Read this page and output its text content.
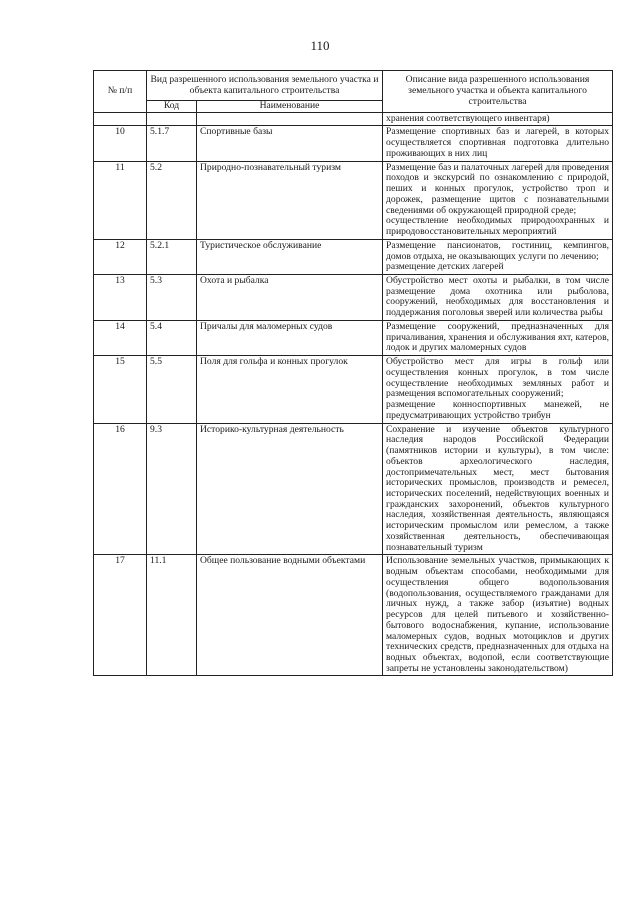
110
№ п/п	Вид разрешенного использования земельного участка и объекта капитального строительства		Описание вида разрешенного использования земельного участка и объекта капитального строительства
	Код	Наименование	
			хранения соответствующего инвентаря)
10	5.1.7	Спортивные базы	Размещение спортивных баз и лагерей, в которых осуществляется спортивная подготовка длительно проживающих в них лиц

11	5.2	Природно-познавательный туризм	Размещение баз и палаточных лагерей для проведения походов и экскурсий по ознакомлению с природой, пеших и конных прогулок, устройство троп и дорожек, размещение щитов с познавательными сведениями об окружающей природной среде;
осуществление необходимых природоохранных и природовосстановительных мероприятий

12	5.2.1	Туристическое обслуживание	Размещение пансионатов, гостиниц, кемпингов, домов отдыха, не оказывающих услуги по лечению;
размещение детских лагерей

13	5.3	Охота и рыбалка	Обустройство мест охоты и рыбалки, в том числе размещение дома охотника или рыболова, сооружений, необходимых для восстановления и поддержания поголовья зверей или количества рыбы

14	5.4	Причалы для маломерных судов	Размещение сооружений, предназначенных для причаливания, хранения и обслуживания яхт, катеров, лодок и других маломерных судов

15	5.5	Поля для гольфа и конных прогулок	Обустройство мест для игры в гольф или осуществления конных прогулок, в том числе осуществление необходимых земляных работ и размещения вспомогательных сооружений;
размещение конноспортивных манежей, не предусматривающих устройство трибун

16	9.3	Историко-культурная деятельность	Сохранение и изучение объектов культурного наследия народов Российской Федерации (памятников истории и культуры), в том числе: объектов археологического наследия, достопримечательных мест, мест бытования исторических промыслов, производств и ремесел, исторических поселений, недействующих военных и гражданских захоронений, объектов культурного наследия, хозяйственная деятельность, являющаяся историческим промыслом или ремеслом, а также хозяйственная деятельность, обеспечивающая познавательный туризм

17	11.1	Общее пользование водными объектами	Использование земельных участков, примыкающих к водным объектам способами, необходимыми для осуществления общего водопользования (водопользования, осуществляемого гражданами для личных нужд, а также забор (изъятие) водных ресурсов для целей питьевого и хозяйственно-бытового водоснабжения, купание, использование маломерных судов, водных мотоциклов и других технических средств, предназначенных для отдыха на водных объектах, водопой, если соответствующие запреты не установлены законодательством)
